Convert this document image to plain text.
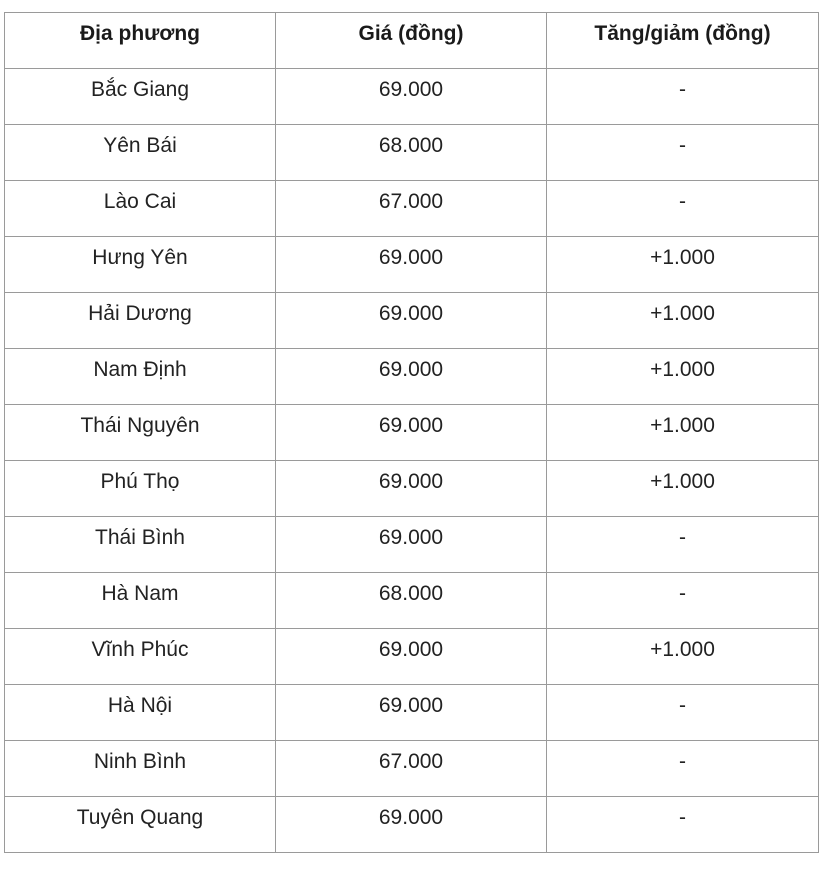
Địa phương	Giá (đồng)	Tăng/giảm (đồng)

Bắc Giang	69.000	-

Yên Bái	68.000	-

Lào Cai	67.000	-

Hưng Yên	69.000	+1.000

Hải Dương	69.000	+1.000

Nam Định	69.000	+1.000

Thái Nguyên	69.000	+1.000

Phú Thọ	69.000	+1.000

Thái Bình	69.000	-

Hà Nam	68.000	-

Vĩnh Phúc	69.000	+1.000

Hà Nội	69.000	-

Ninh Bình	67.000	-

Tuyên Quang	69.000	-
